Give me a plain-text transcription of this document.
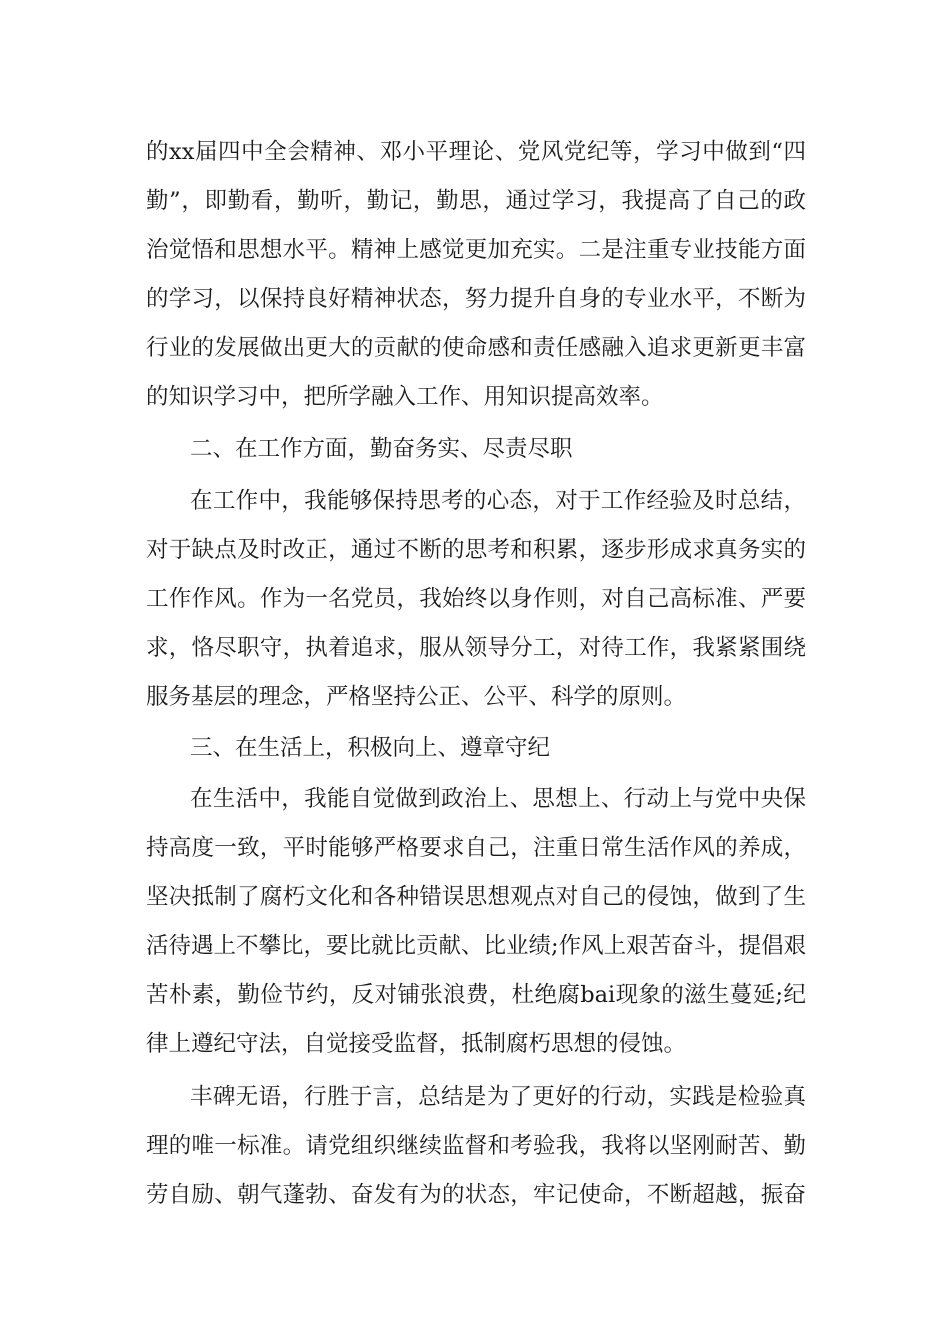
的xx届四中全会精神、邓小平理论、党风党纪等，学习中做到“四
勤”，即勤看，勤听，勤记，勤思，通过学习，我提高了自己的政
治觉悟和思想水平。精神上感觉更加充实。二是注重专业技能方面
的学习，以保持良好精神状态，努力提升自身的专业水平，不断为
行业的发展做出更大的贡献的使命感和责任感融入追求更新更丰富
的知识学习中，把所学融入工作、用知识提高效率。
二、在工作方面，勤奋务实、尽责尽职
在工作中，我能够保持思考的心态，对于工作经验及时总结，
对于缺点及时改正，通过不断的思考和积累，逐步形成求真务实的
工作作风。作为一名党员，我始终以身作则，对自己高标准、严要
求，恪尽职守，执着追求，服从领导分工，对待工作，我紧紧围绕
服务基层的理念，严格坚持公正、公平、科学的原则。
三、在生活上，积极向上、遵章守纪
在生活中，我能自觉做到政治上、思想上、行动上与党中央保
持高度一致，平时能够严格要求自己，注重日常生活作风的养成，
坚决抵制了腐朽文化和各种错误思想观点对自己的侵蚀，做到了生
活待遇上不攀比，要比就比贡献、比业绩;作风上艰苦奋斗，提倡艰
苦朴素，勤俭节约，反对铺张浪费，杜绝腐bai现象的滋生蔓延;纪
律上遵纪守法，自觉接受监督，抵制腐朽思想的侵蚀。
丰碑无语，行胜于言，总结是为了更好的行动，实践是检验真
理的唯一标准。请党组织继续监督和考验我，我将以坚刚耐苦、勤
劳自励、朝气蓬勃、奋发有为的状态，牢记使命，不断超越，振奋
